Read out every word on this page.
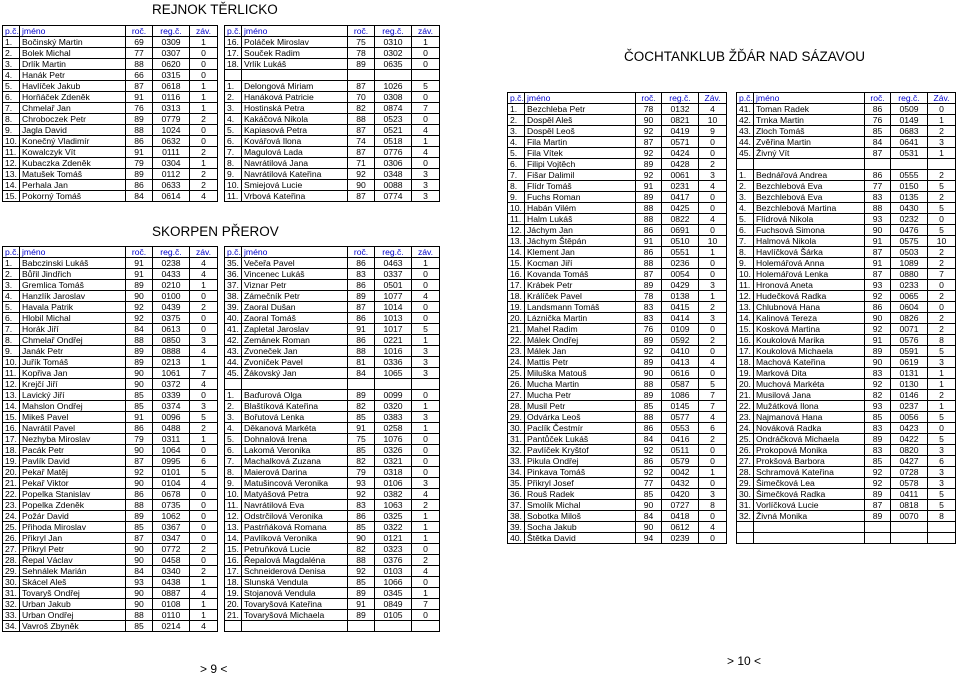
REJNOK TĚRLICKO
p.č.	jméno	roč.	reg.č.	záv.		p.č.	jméno	roč.	reg.č.	záv.
1.	Bočinský Martin	69	0309	1		16.	Poláček Miroslav	75	0310	1
2.	Bolek Michal	77	0307	0		17.	Souček Radim	78	0302	0
3.	Drlík Martin	88	0620	0		18.	Vrlík Lukáš	89	0635	0
4.	Hanák Petr	66	0315	0						
5.	Havlíček Jakub	87	0618	1		1.	Delongová Miriam	87	1026	5
6.	Horňáček Zdeněk	91	0116	1		2.	Hanáková Patricie	70	0308	0
7.	Chmelař Jan	76	0313	1		3.	Hostinská Petra	82	0874	7
8.	Chroboczek Petr	89	0779	2		4.	Kakáčová Nikola	88	0523	0
9.	Jagla David	88	1024	0		5.	Kapiasová Petra	87	0521	4
10.	Konečný Vladimír	86	0632	0		6.	Kovářová Ilona	74	0518	1
11.	Kowalczyk Vít	91	0111	2		7.	Magulová Lada	87	0776	4
12.	Kubaczka Zdeněk	79	0304	1		8.	Navrátilová Jana	71	0306	0
13.	Matušek Tomáš	89	0112	2		9.	Navrátilová Kateřina	92	0348	3
14.	Perhala Jan	86	0633	2		10.	Smiejová Lucie	90	0088	3
15.	Pokorný Tomáš	84	0614	4		11.	Vrbová Kateřina	87	0774	3
SKORPEN PŘEROV
p.č.	jméno	roč.	reg.č.	záv.		p.č.	jméno	roč.	reg.č.	záv.
1.	Babczinski Lukáš	91	0238	4		35.	Večeřa Pavel	86	0463	1
2.	Bůřil Jindřich	91	0433	4		36.	Vincenec Lukáš	83	0337	0
3.	Gremlica Tomáš	89	0210	1		37.	Viznar Petr	86	0501	0
4.	Hanzlík Jaroslav	90	0100	0		38.	Zámečník Petr	89	1077	4
5.	Havala Patrik	92	0439	2		39.	Zaoral Dušan	87	1014	0
6.	Hlobil Michal	92	0375	0		40.	Zaoral Tomáš	86	1013	0
7.	Horák Jiří	84	0613	0		41.	Zapletal Jaroslav	91	1017	5
8.	Chmelař Ondřej	88	0850	3		42.	Zemánek Roman	86	0221	1
9.	Janák Petr	89	0888	4		43.	Zvoneček Jan	88	1016	3
10.	Juřík Tomáš	89	0213	1		44.	Zvoníček Pavel	81	0336	3
11.	Kopřiva Jan	90	1061	7		45.	Žákovský Jan	84	1065	3
12.	Krejčí Jiří	90	0372	4						
13.	Lavický Jiří	85	0339	0		1.	Baďurová Olga	89	0099	0
14.	Mahslon Ondřej	85	0374	3		2.	Blaštíková Kateřina	82	0320	1
15.	Mikeš Pavel	91	0096	5		3.	Bořutová Lenka	85	0383	3
16.	Navrátil Pavel	86	0488	2		4.	Děkanová Markéta	91	0258	1
17.	Nezhyba Miroslav	79	0311	1		5.	Dohnalová Irena	75	1076	0
18.	Pacák Petr	90	1064	0		6.	Lakomá Veronika	85	0326	0
19.	Pavlík David	87	0995	6		7.	Machalková Zuzana	82	0321	0
20.	Pekař Matěj	92	0101	5		8.	Maierová Darina	79	0318	0
21.	Pekař Viktor	90	0104	4		9.	Matušincová Veronika	93	0106	3
22.	Popelka Stanislav	86	0678	0		10.	Matyášová Petra	92	0382	4
23.	Popelka Zdeněk	88	0735	0		11.	Navrátilová Eva	83	1063	2
24.	Požár David	89	1062	0		12.	Odstrčilová Veronika	86	0325	1
25.	Přihoda Miroslav	85	0367	0		13.	Pastrňáková Romana	85	0322	1
26.	Přikryl Jan	87	0347	0		14.	Pavlíková Veronika	90	0121	1
27.	Přikryl Petr	90	0772	2		15.	Petruňková Lucie	82	0323	0
28.	Řepal Václav	90	0458	0		16.	Řepalová Magdaléna	88	0376	2
29.	Sehnálek Marián	84	0340	2		17.	Schneiderová Denisa	92	0103	4
30.	Skácel Aleš	93	0438	1		18.	Slunská Vendula	85	1066	0
31.	Tovaryš Ondřej	90	0887	4		19.	Stojanová Vendula	89	0345	1
32.	Urban Jakub	90	0108	1		20.	Tovaryšová Kateřina	91	0849	7
33.	Urban Ondřej	88	0110	1		21.	Tovaryšová Michaela	89	0105	0
34.	Vavroš Zbyněk	85	0214	4						
ČOCHTANKLUB ŽĎÁR NAD SÁZAVOU
p.č.	jméno	roč.	reg.č.	Záv.		p.č.	jméno	roč.	reg.č.	Záv.
1.	Bezchleba Petr	78	0132	4		41.	Toman Radek	86	0509	0
2.	Dospěl Aleš	90	0821	10		42.	Trnka Martin	76	0149	1
3.	Dospěl Leoš	92	0419	9		43.	Zloch Tomáš	85	0683	2
4.	Fila Martin	87	0571	0		44.	Zvěřina Martin	84	0641	3
5.	Fila Vítek	92	0424	0		45.	Živný Vít	87	0531	1
6.	Filipi Vojtěch	89	0428	2						
7.	Fišar Dalimil	92	0061	3		1.	Bednářová Andrea	86	0555	2
8.	Flídr Tomáš	91	0231	4		2.	Bezchlebová Eva	77	0150	5
9.	Fuchs Roman	89	0417	0		3.	Bezchlebová Eva	83	0135	2
10.	Habán Vilém	88	0425	0		4.	Bezchlebová Martina	88	0430	5
11.	Halm Lukáš	88	0822	4		5.	Flídrová Nikola	93	0232	0
12.	Jáchym Jan	86	0691	0		6.	Fuchsová Simona	90	0476	5
13.	Jáchym Štěpán	91	0510	10		7.	Halmová Nikola	91	0575	10
14.	Klement Jan	86	0551	1		8.	Havlíčková Šárka	87	0503	2
15.	Kocman Jiří	88	0236	0		9.	Holemářová Anna	91	1089	2
16.	Kovanda Tomáš	87	0054	0		10.	Holemářová Lenka	87	0880	7
17.	Krábek Petr	89	0429	3		11.	Hronová Aneta	93	0233	0
18.	Králíček Pavel	78	0138	1		12.	Hudečková Radka	92	0065	2
19.	Landsmann Tomáš	83	0415	2		13.	Chlubnová Hana	86	0604	0
20.	Láznička Martin	83	0414	3		14.	Kalinová Tereza	90	0826	2
21.	Mahel Radim	76	0109	0		15.	Kosková Martina	92	0071	2
22.	Málek Ondřej	89	0592	2		16.	Koukolová Marika	91	0576	8
23.	Málek Jan	92	0410	0		17.	Koukolová Michaela	89	0591	5
24.	Mattis Petr	89	0413	4		18.	Machová Kateřina	90	0619	3
25.	Miluška Matouš	90	0616	0		19.	Marková Dita	83	0131	1
26.	Mucha Martin	88	0587	5		20.	Muchová Markéta	92	0130	1
27.	Mucha Petr	89	1086	7		21.	Musilová Jana	82	0146	2
28.	Musil Petr	85	0145	7		22.	Mužátková Ilona	93	0237	1
29.	Odvárka Leoš	88	0577	4		23.	Najmanová Hana	85	0056	5
30.	Paclík Čestmír	86	0553	6		24.	Nováková Radka	83	0423	0
31.	Pantůček Lukáš	84	0416	2		25.	Ondráčková Michaela	89	0422	5
32.	Pavlíček Kryštof	92	0511	0		26.	Prokopová Monika	83	0820	3
33.	Pikula Ondřej	86	0579	0		27.	Prokšová Barbora	85	0427	6
34.	Pinkava Tomáš	92	0042	1		28.	Schramová Kateřina	92	0728	3
35.	Přikryl Josef	77	0432	0		29.	Šimečková Lea	92	0578	3
36.	Rouš Radek	85	0420	3		30.	Šimečková Radka	89	0411	5
37.	Smolík Michal	90	0727	8		31.	Vorlíčková Lucie	87	0818	5
38.	Sobotka Miloš	84	0418	0		32.	Živná Monika	89	0070	8
39.	Socha Jakub	90	0612	4						
40.	Štětka David	94	0239	0						
> 9 <
> 10 <
